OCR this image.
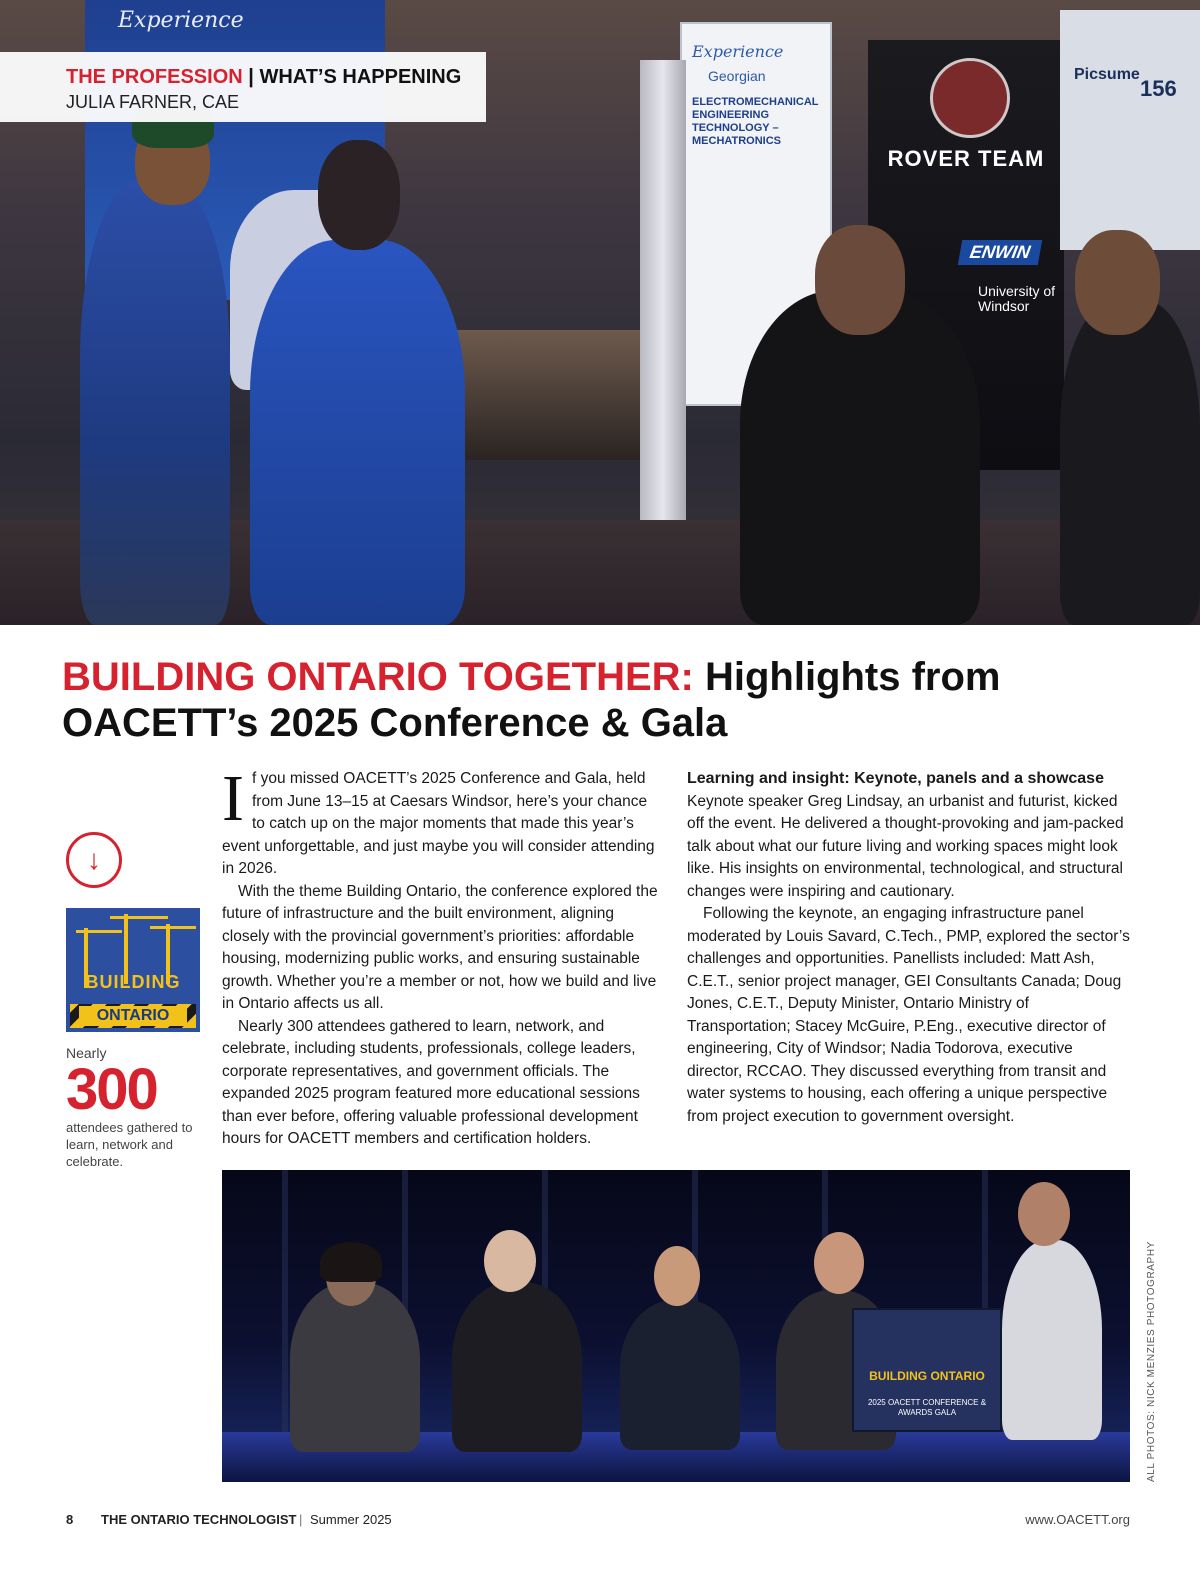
Experience
Experience
Georgian
ELECTROMECHANICAL ENGINEERING TECHNOLOGY – MECHATRONICS
ROVER TEAM
ENWIN
University of Windsor
Picsume
156
THE PROFESSION | WHAT’S HAPPENING
JULIA FARNER, CAE
BUILDING ONTARIO TOGETHER: Highlights from OACETT’s 2025 Conference & Gala
↓
BUILDING
ONTARIO
Nearly
300
attendees gathered to learn, network and celebrate.

If you missed OACETT’s 2025 Conference and Gala, held from June 13–15 at Caesars Windsor, here’s your chance to catch up on the major moments that made this year’s event unforgettable, and just maybe you will consider attending in 2026.

With the theme Building Ontario, the conference explored the future of infrastructure and the built environment, aligning closely with the provincial government’s priorities: affordable housing, modernizing public works, and ensuring sustainable growth. Whether you’re a member or not, how we build and live in Ontario affects us all.

Nearly 300 attendees gathered to learn, network, and celebrate, including students, professionals, college leaders, corporate representatives, and government officials. The expanded 2025 program featured more educational sessions than ever before, offering valuable professional development hours for OACETT members and certification holders.

Learning and insight: Keynote, panels and a showcase

Keynote speaker Greg Lindsay, an urbanist and futurist, kicked off the event. He delivered a thought-provoking and jam-packed talk about what our future living and working spaces might look like. His insights on environmental, technological, and structural changes were inspiring and cautionary.

Following the keynote, an engaging infrastructure panel moderated by Louis Savard, C.Tech., PMP, explored the sector’s challenges and opportunities. Panellists included: Matt Ash, C.E.T., senior project manager, GEI Consultants Canada; Doug Jones, C.E.T., Deputy Minister, Ontario Ministry of Transportation; Stacey McGuire, P.Eng., executive director of engineering, City of Windsor; Nadia Todorova, executive director, RCCAO. They discussed everything from transit and water systems to housing, each offering a unique perspective from project execution to government oversight.

BUILDING ONTARIO
2025 OACETT CONFERENCE & AWARDS GALA	ALL PHOTOS: NICK MENZIES PHOTOGRAPHY
8 THE ONTARIO TECHNOLOGIST | Summer 2025	www.OACETT.org
